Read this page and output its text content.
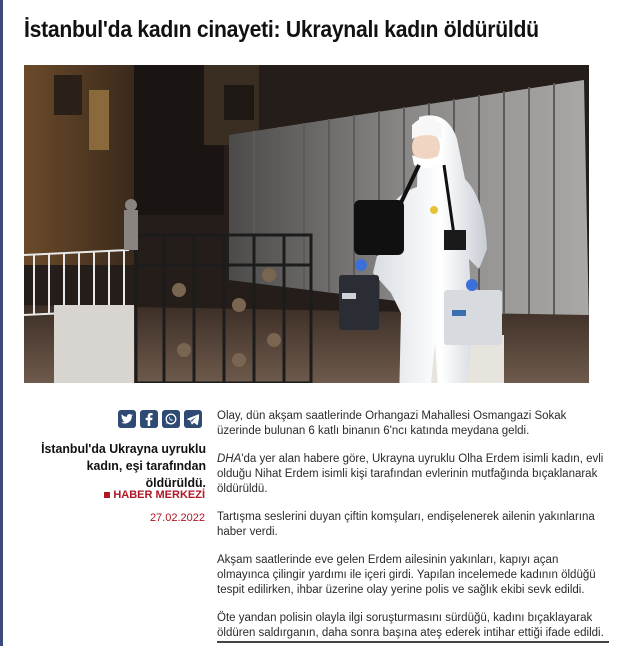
İstanbul'da kadın cinayeti: Ukraynalı kadın öldürüldü

İstanbul'da Ukrayna uyruklu kadın, eşi tarafından öldürüldü.

HABER MERKEZİ
27.02.2022

Olay, dün akşam saatlerinde Orhangazi Mahallesi Osmangazi Sokak üzerinde bulunan 6 katlı binanın 6'ncı katında meydana geldi.

DHA'da yer alan habere göre, Ukrayna uyruklu Olha Erdem isimli kadın, evli olduğu Nihat Erdem isimli kişi tarafından evlerinin mutfağında bıçaklanarak öldürüldü.

Tartışma seslerini duyan çiftin komşuları, endişelenerek ailenin yakınlarına haber verdi.

Akşam saatlerinde eve gelen Erdem ailesinin yakınları, kapıyı açan olmayınca çilingir yardımı ile içeri girdi. Yapılan incelemede kadının öldüğü tespit edilirken, ihbar üzerine olay yerine polis ve sağlık ekibi sevk edildi.

Öte yandan polisin olayla ilgi soruşturmasını sürdüğü, kadını bıçaklayarak öldüren saldırganın, daha sonra başına ateş ederek intihar ettiği ifade edildi.
